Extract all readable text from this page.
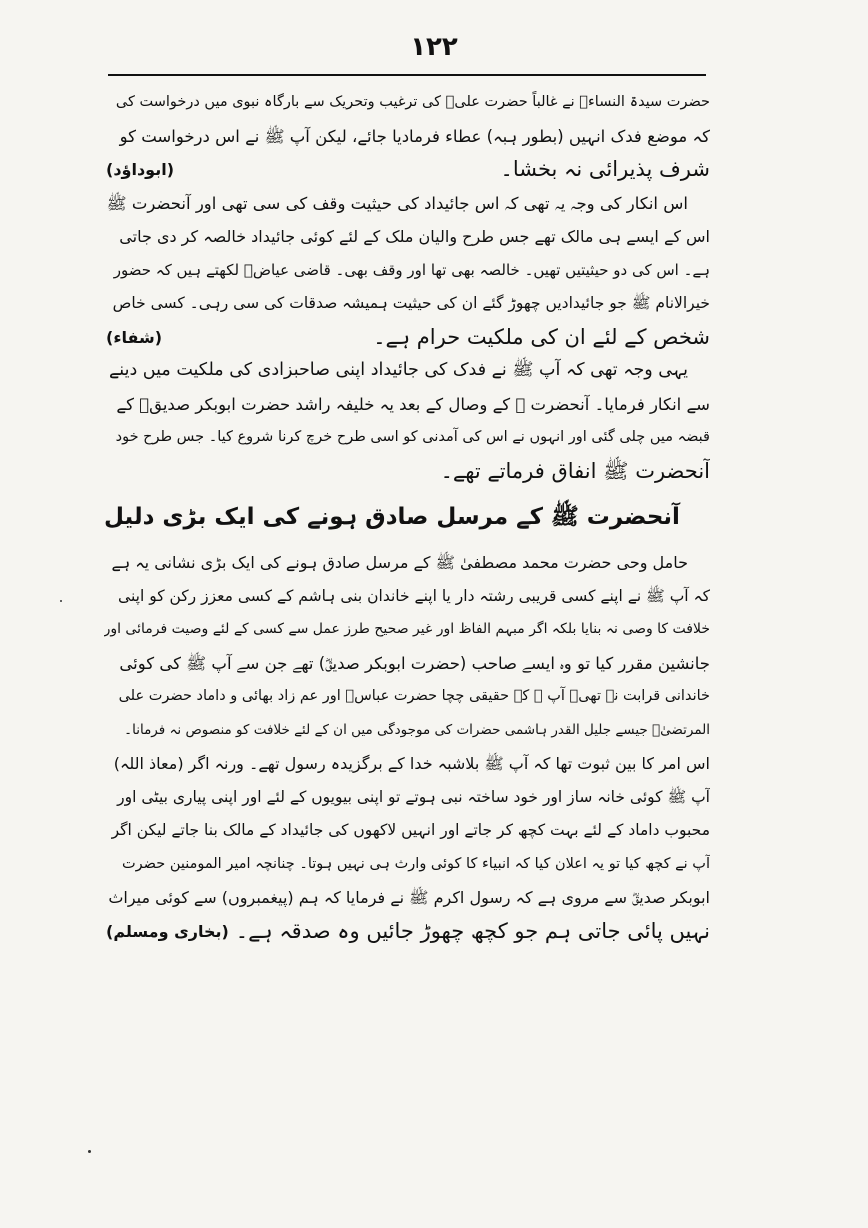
۱۲۲
حضرت سیدۃ النساءؓ نے غالباً حضرت علیؓ کی ترغیب وتحریک سے بارگاہ نبوی میں درخواست کی
کہ موضع فدک انہیں (بطور ہبہ) عطاء فرمادیا جائے، لیکن آپ ﷺ نے اس درخواست کو
شرف پذیرائی نہ بخشا۔
(ابوداؤد)
اس انکار کی وجہ یہ تھی کہ اس جائیداد کی حیثیت وقف کی سی تھی اور آنحضرت ﷺ
اس کے ایسے ہی مالک تھے جس طرح والیان ملک کے لئے کوئی جائیداد خالصہ کر دی جاتی
ہے۔ اس کی دو حیثیتیں تھیں۔ خالصہ بھی تھا اور وقف بھی۔ قاضی عیاضؒ لکھتے ہیں کہ حضور
خیرالانام ﷺ جو جائیدادیں چھوڑ گئے ان کی حیثیت ہمیشہ صدقات کی سی رہی۔ کسی خاص
شخص کے لئے ان کی ملکیت حرام ہے۔
(شفاء)
یہی وجہ تھی کہ آپ ﷺ نے فدک کی جائیداد اپنی صاحبزادی کی ملکیت میں دینے
سے انکار فرمایا۔ آنحضرت ﷺ کے وصال کے بعد یہ خلیفہ راشد حضرت ابوبکر صدیقؓ کے
قبضہ میں چلی گئی اور انہوں نے اس کی آمدنی کو اسی طرح خرچ کرنا شروع کیا۔ جس طرح خود
آنحضرت ﷺ انفاق فرماتے تھے۔
آنحضرت ﷺ کے مرسل صادق ہونے کی ایک بڑی دلیل
حامل وحی حضرت محمد مصطفیٰ ﷺ کے مرسل صادق ہونے کی ایک بڑی نشانی یہ ہے
کہ آپ ﷺ نے اپنے کسی قریبی رشتہ دار یا اپنے خاندان بنی ہاشم کے کسی معزز رکن کو اپنی
خلافت کا وصی نہ بنایا بلکہ اگر مبہم الفاظ اور غیر صحیح طرز عمل سے کسی کے لئے وصیت فرمائی اور
جانشین مقرر کیا تو وہ ایسے صاحب (حضرت ابوبکر صدیقؓ) تھے جن سے آپ ﷺ کی کوئی
خاندانی قرابت نہ تھی۔ آپ ﷺ کے حقیقی چچا حضرت عباسؓ اور عم زاد بھائی و داماد حضرت علی
المرتضیٰؓ جیسے جلیل القدر ہاشمی حضرات کی موجودگی میں ان کے لئے خلافت کو منصوص نہ فرمانا۔
اس امر کا بین ثبوت تھا کہ آپ ﷺ بلاشبہ خدا کے برگزیدہ رسول تھے۔ ورنہ اگر (معاذ اللہ)
آپ ﷺ کوئی خانہ ساز اور خود ساختہ نبی ہوتے تو اپنی بیویوں کے لئے اور اپنی پیاری بیٹی اور
محبوب داماد کے لئے بہت کچھ کر جاتے اور انہیں لاکھوں کی جائیداد کے مالک بنا جاتے لیکن اگر
آپ نے کچھ کیا تو یہ اعلان کیا کہ انبیاء کا کوئی وارث ہی نہیں ہوتا۔ چنانچہ امیر المومنین حضرت
ابوبکر صدیقؓ سے مروی ہے کہ رسول اکرم ﷺ نے فرمایا کہ ہم (پیغمبروں) سے کوئی میراث
نہیں پائی جاتی ہم جو کچھ چھوڑ جائیں وہ صدقہ ہے۔
(بخاری ومسلم)
